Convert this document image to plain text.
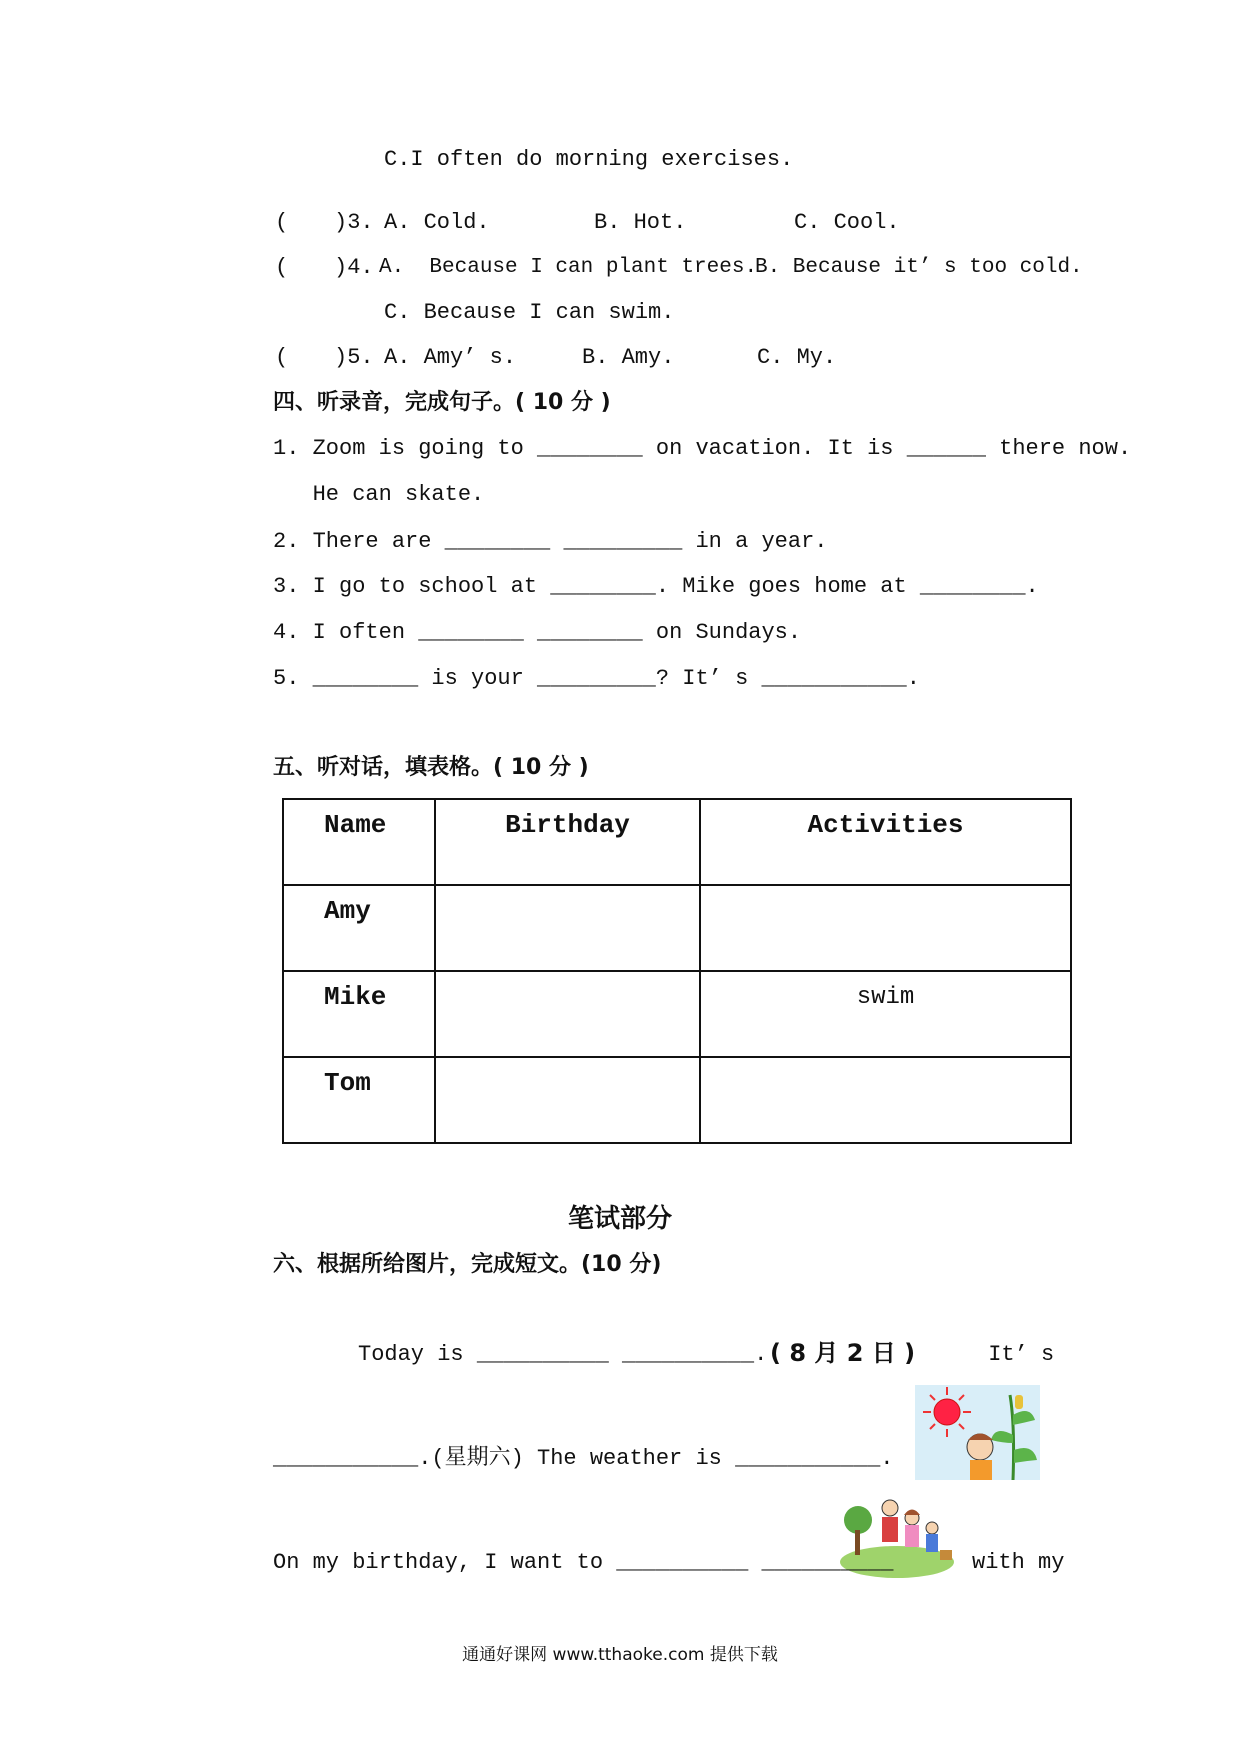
C.I often do morning exercises.
( )3. A. Cold.	B. Hot.	C. Cool.
( )4. A.  Because I can plant trees.
B. Because it’ s too cold.
C. Because I can swim.
( )5. A. Amy’ s.	B. Amy.	C. My.
四、听录音，完成句子。( 10 分 )
1. Zoom is going to ________ on vacation. It is ______ there now.
He can skate.
2. There are ________ _________ in a year.
3. I go to school at ________. Mike goes home at ________.
4. I often ________ ________ on Sundays.
5. ________ is your _________? It’ s ___________.
五、听对话，填表格。( 10 分 )
Name	Birthday	Activities
Amy		
Mike		swim
Tom		
笔试部分
六、根据所给图片，完成短文。(10 分)
Today is __________ __________. ( 8 月 2 日 )	It’ s
___________.(星期六) The weather is ___________.
On my birthday, I want to __________ __________	with my
通通好课网 www.tthaoke.com 提供下载
